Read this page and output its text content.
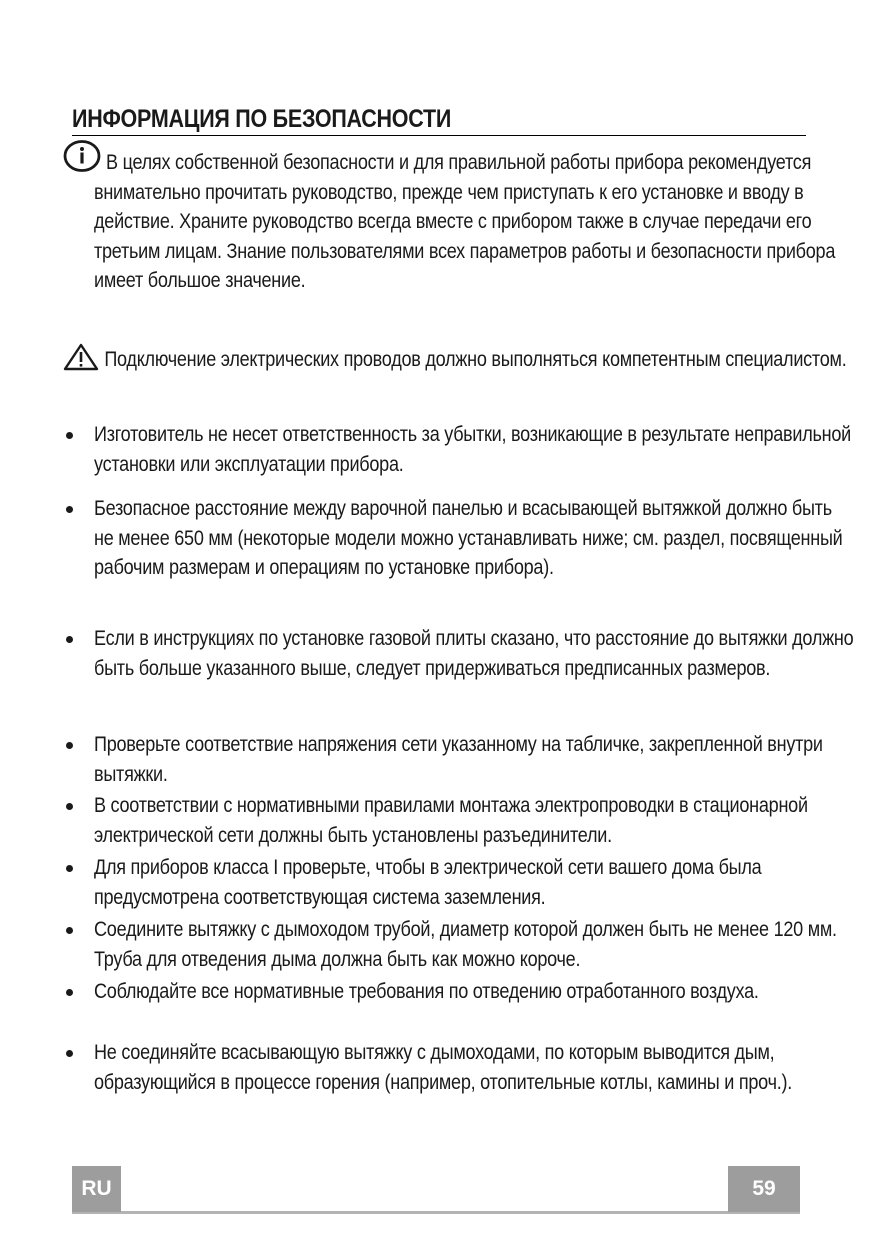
ИНФОРМАЦИЯ ПО БЕЗОПАСНОСТИ

В целях собственной безопасности и для правильной работы прибора рекомендуется внимательно прочитать руководство, прежде чем приступать к его установке и вводу в действие. Храните руководство всегда вместе с прибором также в случае передачи его третьим лицам. Знание пользователями всех параметров работы и безопасности прибора имеет большое значение.

Подключение электрических проводов должно выполняться компетентным специалистом.

Изготовитель не несет ответственность за убытки, возникающие в результате неправильной установки или эксплуатации прибора.

Безопасное расстояние между варочной панелью и всасывающей вытяжкой должно быть не менее 650 мм (некоторые модели можно устанавливать ниже; см. раздел, посвященный рабочим размерам и операциям по установке прибора).

Если в инструкциях по установке газовой плиты сказано, что расстояние до вытяжки должно быть больше указанного выше, следует придерживаться предписанных размеров.

Проверьте соответствие напряжения сети указанному на табличке, закрепленной внутри вытяжки.

В соответствии с нормативными правилами монтажа электропроводки в стационарной электрической сети должны быть установлены разъединители.

Для приборов класса I проверьте, чтобы в электрической сети вашего дома была предусмотрена соответствующая система заземления.

Соедините вытяжку с дымоходом трубой, диаметр которой должен быть не менее 120 мм. Труба для отведения дыма должна быть как можно короче.

Соблюдайте все нормативные требования по отведению отработанного воздуха.

Не соединяйте всасывающую вытяжку с дымоходами, по которым выводится дым, образующийся в процессе горения (например, отопительные котлы, камины и проч.).

RU	59
